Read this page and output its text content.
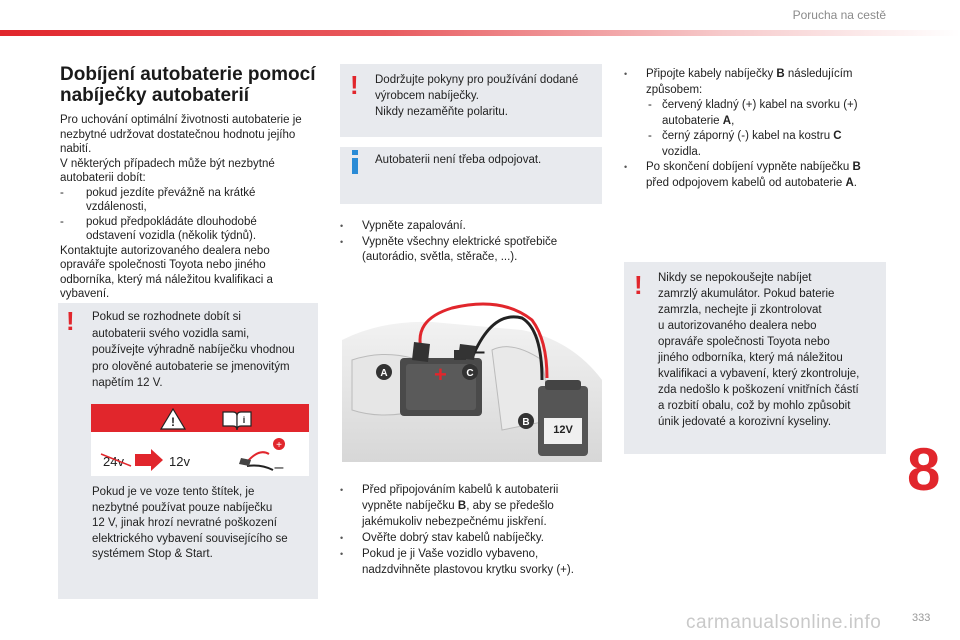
Porucha na cestě
Dobíjení autobaterie pomocí
nabíječky autobaterií
Pro uchování optimální životnosti autobaterie je
nezbytné udržovat dostatečnou hodnotu jejího
nabití.
V některých případech může být nezbytné
autobaterii dobít:
- pokud jezdíte převážně na krátké
vzdálenosti,
- pokud předpokládáte dlouhodobé
odstavení vozidla (několik týdnů).
Kontaktujte autorizovaného dealera nebo
opraváře společnosti Toyota nebo jiného
odborníka, který má náležitou kvalifikaci a
vybavení.
! Pokud se rozhodnete dobít si
autobaterii svého vozidla sami,
používejte výhradně nabíječku vhodnou
pro olověné autobaterie se jmenovitým
napětím 12 V.
!	i
24v	12v
+
–
Pokud je ve voze tento štítek, je
nezbytné používat pouze nabíječku
12 V, jinak hrozí nevratné poškození
elektrického vybavení souvisejícího se
systémem Stop & Start.
! Dodržujte pokyny pro používání dodané
výrobcem nabíječky.
Nikdy nezaměňte polaritu.
Autobaterii není třeba odpojovat.
• Vypněte zapalování.
• Vypněte všechny elektrické spotřebiče
(autorádio, světla, stěrače, ...).
+
–
A	C
B
12V
• Před připojováním kabelů k autobaterii
vypněte nabíječku B, aby se předešlo
jakémukoliv nebezpečnému jiskření.
• Ověřte dobrý stav kabelů nabíječky.
• Pokud je ji Vaše vozidlo vybaveno,
nadzdvihněte plastovou krytku svorky (+).
• Připojte kabely nabíječky B následujícím
způsobem:
- červený kladný (+) kabel na svorku (+)
autobaterie A,
- černý záporný (-) kabel na kostru C
vozidla.
• Po skončení dobíjení vypněte nabíječku B
před odpojovem kabelů od autobaterie A.
! Nikdy se nepokoušejte nabíjet
zamrzlý akumulátor. Pokud baterie
zamrzla, nechejte ji zkontrolovat
u autorizovaného dealera nebo
opraváře společnosti Toyota nebo
jiného odborníka, který má náležitou
kvalifikaci a vybavení, který zkontroluje,
zda nedošlo k poškození vnitřních částí
a rozbití obalu, což by mohlo způsobit
únik jedovaté a korozivní kyseliny.
8
carmanualsonline.info	333
